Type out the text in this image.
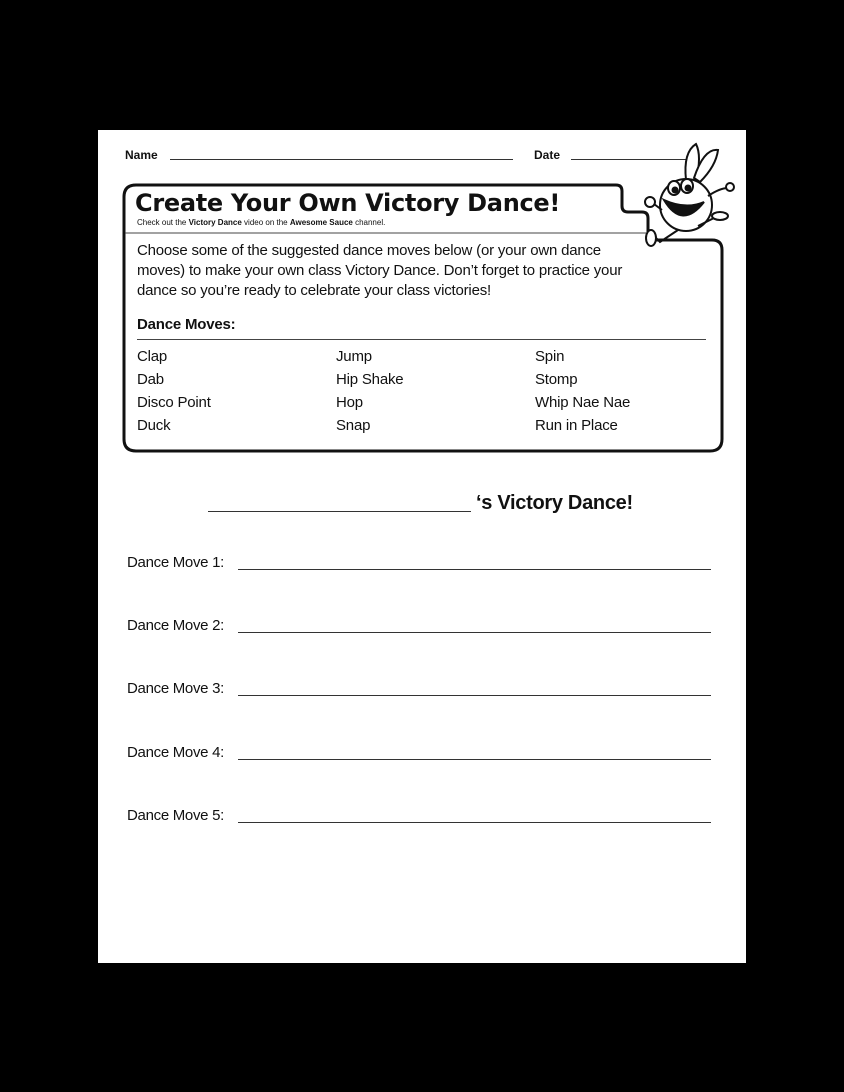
Name	Date
Create Your Own Victory Dance!
Check out the Victory Dance video on the Awesome Sauce channel.
Choose some of the suggested dance moves below (or your own dance moves) to make your own class Victory Dance. Don’t forget to practice your dance so you’re ready to celebrate your class victories!
Dance Moves:
Clap
Dab
Disco Point
Duck
Jump
Hip Shake
Hop
Snap
Spin
Stomp
Whip Nae Nae
Run in Place
‘s Victory Dance!
Dance Move 1:
Dance Move 2:
Dance Move 3:
Dance Move 4:
Dance Move 5:
